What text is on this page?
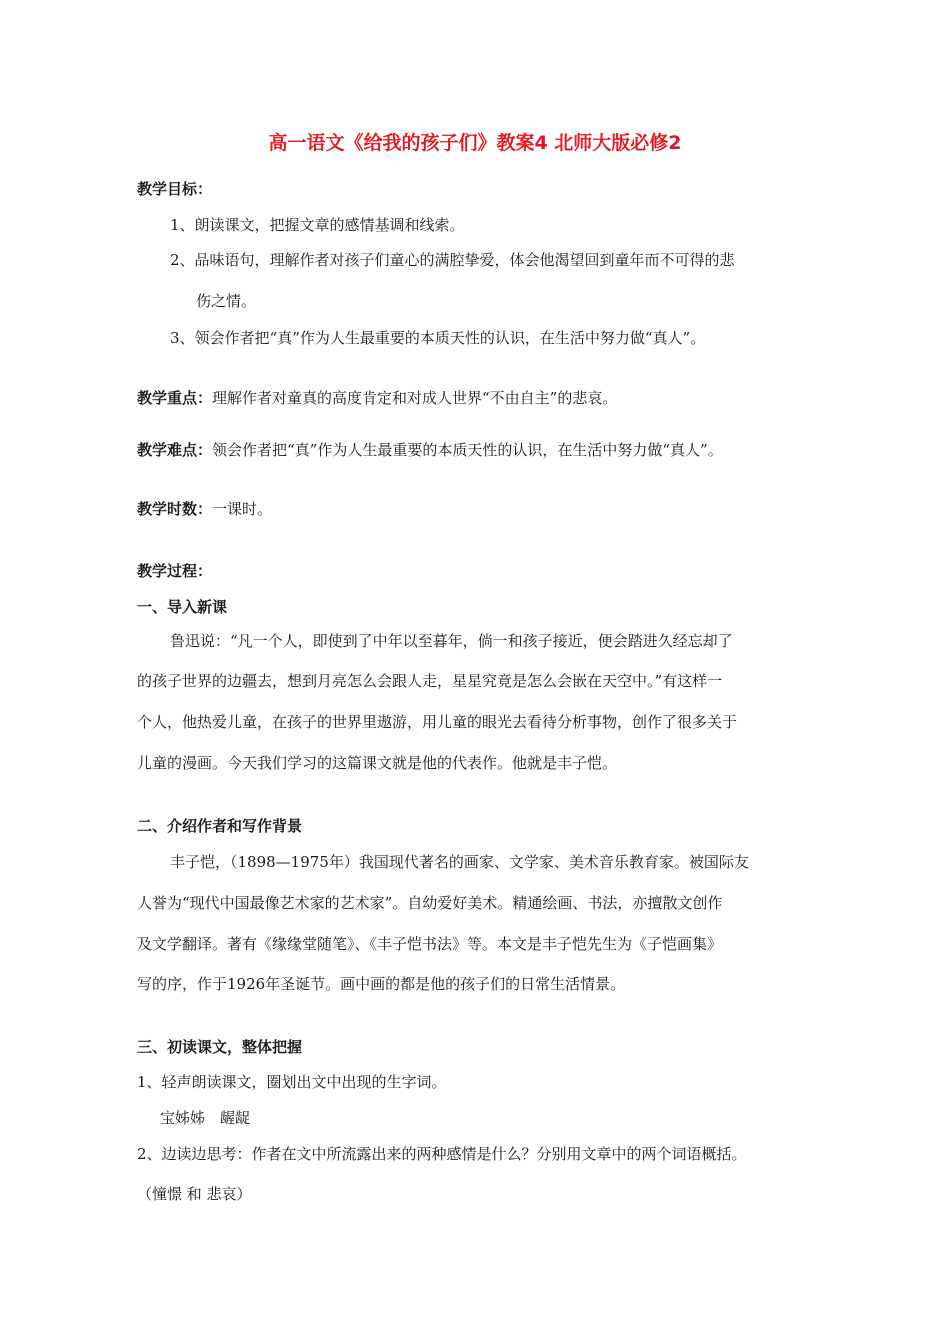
高一语文《给我的孩子们》教案4 北师大版必修2
教学目标：
1、朗读课文，把握文章的感情基调和线索。
2、品味语句，理解作者对孩子们童心的满腔挚爱，体会他渴望回到童年而不可得的悲
伤之情。
3、领会作者把“真”作为人生最重要的本质天性的认识，在生活中努力做“真人”。
教学重点：理解作者对童真的高度肯定和对成人世界“不由自主”的悲哀。
教学难点：领会作者把“真”作为人生最重要的本质天性的认识，在生活中努力做“真人”。
教学时数：一课时。
教学过程：
一、导入新课
鲁迅说：“凡一个人，即使到了中年以至暮年，倘一和孩子接近，便会踏进久经忘却了
的孩子世界的边疆去，想到月亮怎么会跟人走，星星究竟是怎么会嵌在天空中。”有这样一
个人，他热爱儿童，在孩子的世界里遨游，用儿童的眼光去看待分析事物，创作了很多关于
儿童的漫画。今天我们学习的这篇课文就是他的代表作。他就是丰子恺。
二、介绍作者和写作背景
丰子恺，（1898—1975年）我国现代著名的画家、文学家、美术音乐教育家。被国际友
人誉为“现代中国最像艺术家的艺术家”。自幼爱好美术。精通绘画、书法，亦擅散文创作
及文学翻译。著有《缘缘堂随笔》、《丰子恺书法》等。本文是丰子恺先生为《子恺画集》
写的序，作于1926年圣诞节。画中画的都是他的孩子们的日常生活情景。
三、初读课文，整体把握
1、轻声朗读课文，圈划出文中出现的生字词。
宝姊姊　龌龊
2、边读边思考：作者在文中所流露出来的两种感情是什么？分别用文章中的两个词语概括。
（憧憬 和 悲哀）
